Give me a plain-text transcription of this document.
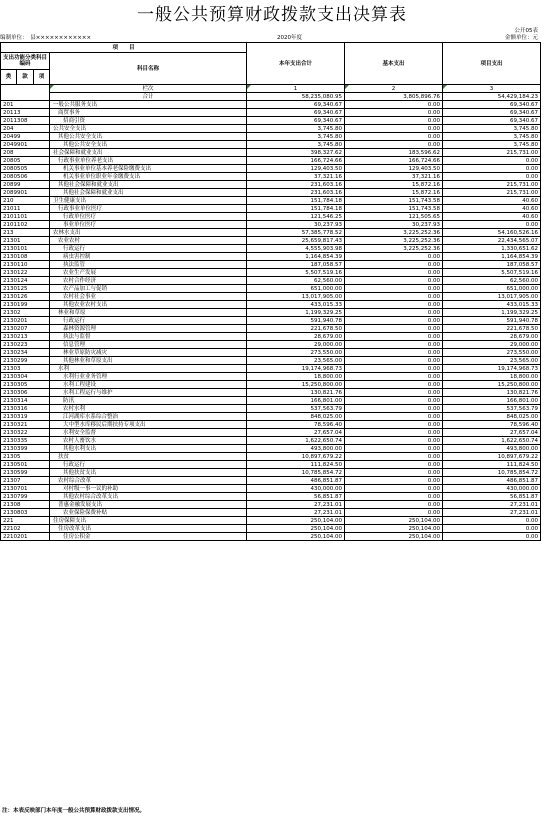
一般公共预算财政拨款支出决算表
公开05表
编制单位：　县××××××××××××	2020年度	金额单位：元
项　　目				本年支出合计	基本支出	项目支出
支出功能分类科目编码			科目名称			

类	款	项				
			栏次	1	2	3
			合计	58,235,080.95	3,805,896.76	54,429,184.23
201			一般公共服务支出	69,340.67	0.00	69,340.67
20113			商贸事务	69,340.67	0.00	69,340.67
2011308			招商引资	69,340.67	0.00	69,340.67
204			公共安全支出	3,745.80	0.00	3,745.80
20499			其他公共安全支出	3,745.80	0.00	3,745.80
2049901			其他公共安全支出	3,745.80	0.00	3,745.80
208			社会保障和就业支出	398,327.62	183,596.62	215,731.00
20805			行政事业单位养老支出	166,724.66	166,724.66	0.00
2080505			机关事业单位基本养老保险缴费支出	129,403.50	129,403.50	0.00
2080506			机关事业单位职业年金缴费支出	37,321.16	37,321.16	0.00
20899			其他社会保障和就业支出	231,603.16	15,872.16	215,731.00
2089901			其他社会保障和就业支出	231,603.16	15,872.16	215,731.00
210			卫生健康支出	151,784.18	151,743.58	40.60
21011			行政事业单位医疗	151,784.18	151,743.58	40.60
2101101			行政单位医疗	121,546.25	121,505.65	40.60
2101102			事业单位医疗	30,237.93	30,237.93	0.00
213			农林水支出	57,385,778.52	3,225,252.36	54,160,526.16
21301			农业农村	25,659,817.43	3,225,252.36	22,434,565.07
2130101			行政运行	4,555,903.98	3,225,252.36	1,330,651.62
2130108			病虫害控制	1,164,854.39	0.00	1,164,854.39
2130110			执法监管	187,058.57	0.00	187,058.57
2130122			农业生产发展	5,507,519.16	0.00	5,507,519.16
2130124			农村合作经济	62,560.00	0.00	62,560.00
2130125			农产品加工与促销	651,000.00	0.00	651,000.00
2130126			农村社会事业	13,017,905.00	0.00	13,017,905.00
2130199			其他农业农村支出	433,015.33	0.00	433,015.33
21302			林业和草原	1,199,329.25	0.00	1,199,329.25
2130201			行政运行	591,940.78	0.00	591,940.78
2130207			森林资源管理	221,678.50	0.00	221,678.50
2130213			执法与监督	28,679.00	0.00	28,679.00
2130223			信息管理	29,000.00	0.00	29,000.00
2130234			林业草原防灾减灾	273,550.00	0.00	273,550.00
2130299			其他林业和草原支出	23,565.00	0.00	23,565.00
21303			水利	19,174,968.73	0.00	19,174,968.73
2130304			水利行业业务管理	18,800.00	0.00	18,800.00
2130305			水利工程建设	15,250,800.00	0.00	15,250,800.00
2130306			水利工程运行与维护	130,821.76	0.00	130,821.76
2130314			防汛	166,801.00	0.00	166,801.00
2130316			农村水利	537,563.79	0.00	537,563.79
2130319			江河湖库水系综合整治	848,025.00	0.00	848,025.00
2130321			大中型水库移民后期扶持专项支出	78,596.40	0.00	78,596.40
2130322			水利安全监督	27,657.04	0.00	27,657.04
2130335			农村人畜饮水	1,622,650.74	0.00	1,622,650.74
2130399			其他水利支出	493,800.00	0.00	493,800.00
21305			扶贫	10,897,679.22	0.00	10,897,679.22
2130501			行政运行	111,824.50	0.00	111,824.50
2130599			其他扶贫支出	10,785,854.72	0.00	10,785,854.72
21307			农村综合改革	486,851.87	0.00	486,851.87
2130701			对村级一事一议的补助	430,000.00	0.00	430,000.00
2130799			其他农村综合改革支出	56,851.87	0.00	56,851.87
21308			普惠金融发展支出	27,231.01	0.00	27,231.01
2130803			农业保险保费补贴	27,231.01	0.00	27,231.01
221			住房保障支出	250,104.00	250,104.00	0.00
22102			住房改革支出	250,104.00	250,104.00	0.00
2210201			住房公积金	250,104.00	250,104.00	0.00
注：本表反映部门本年度一般公共预算财政拨款支出情况。
